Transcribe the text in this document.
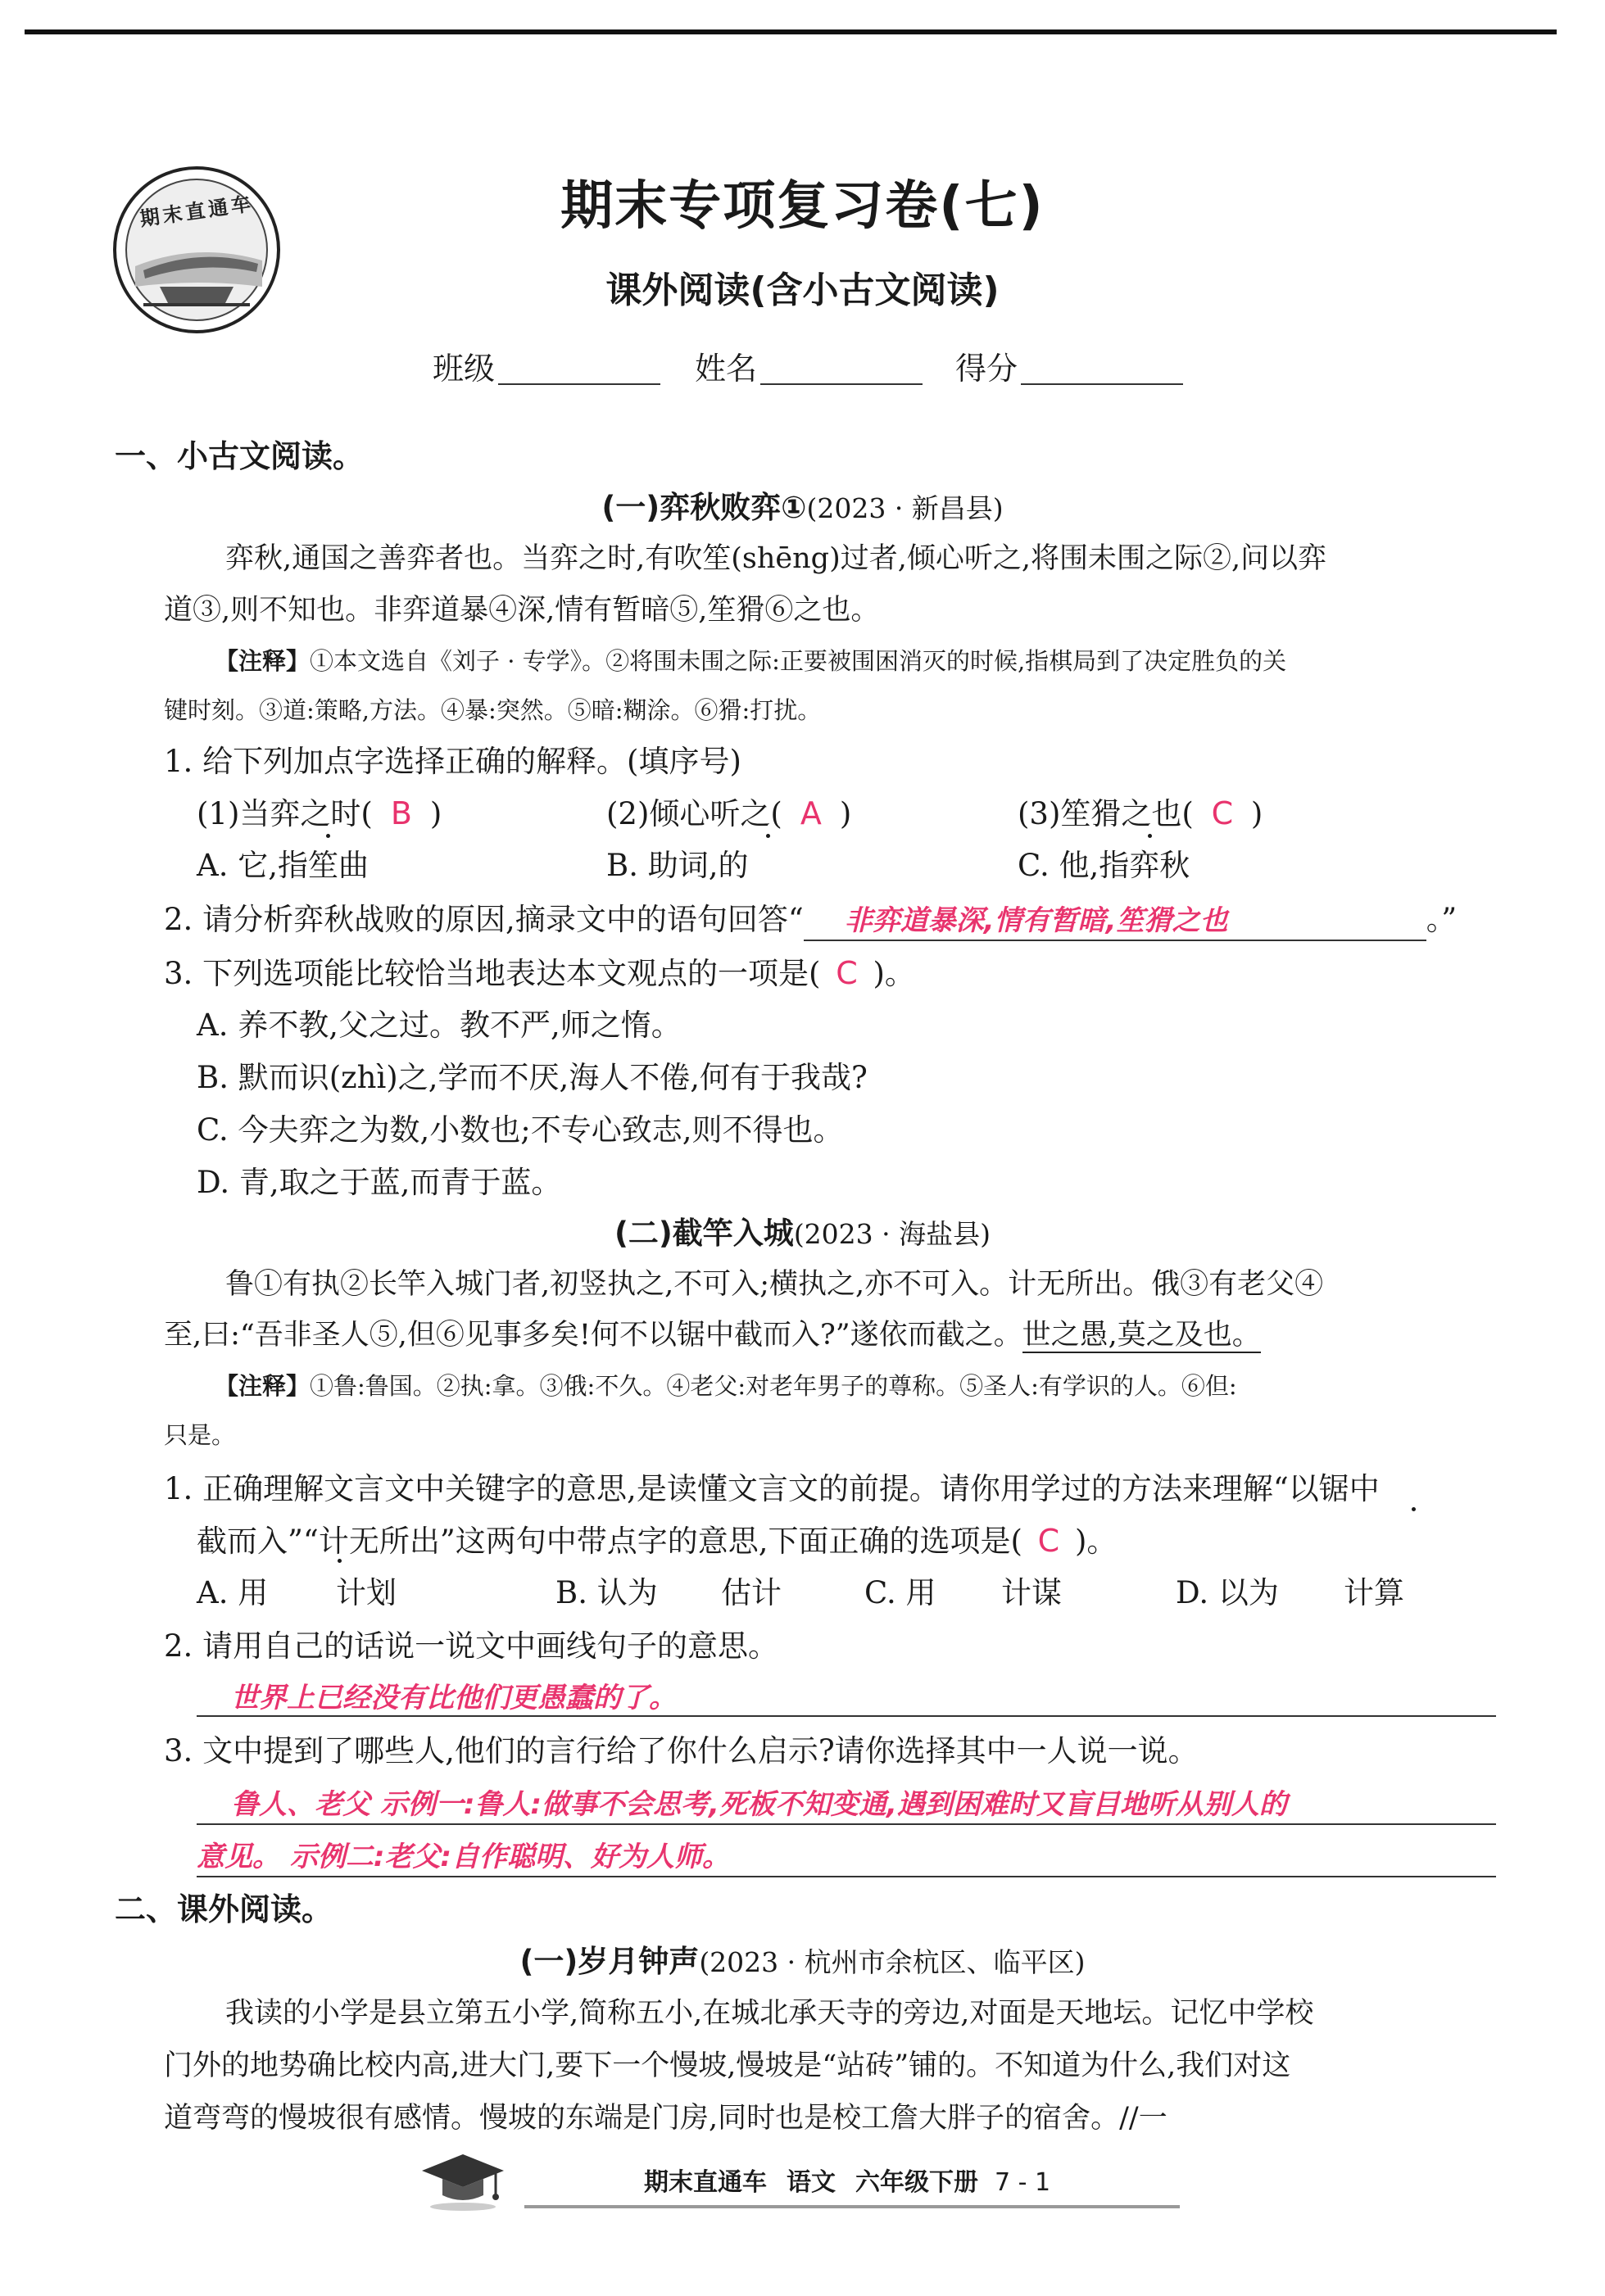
期末直通车	期末专项复习卷(七)
课外阅读(含小古文阅读)
班级	姓名	得分
一、小古文阅读。
(一)弈秋败弈①(2023 · 新昌县)
弈秋,通国之善弈者也。当弈之时,有吹笙(shēng)过者,倾心听之,将围未围之际②,问以弈
道③,则不知也。非弈道暴④深,情有暂暗⑤,笙猾⑥之也。
【注释】①本文选自《刘子 · 专学》。②将围未围之际:正要被围困消灭的时候,指棋局到了决定胜负的关
键时刻。③道:策略,方法。④暴:突然。⑤暗:糊涂。⑥猾:打扰。
1. 给下列加点字选择正确的解释。(填序号)
(1)当弈之时( B )	(2)倾心听之( A )	(3)笙猾之也( C )
A. 它,指笙曲	B. 助词,的	C. 他,指弈秋
2. 请分析弈秋战败的原因,摘录文中的语句回答“ 非弈道暴深,情有暂暗,笙猾之也	。”
3. 下列选项能比较恰当地表达本文观点的一项是( C )。
A. 养不教,父之过。教不严,师之惰。
B. 默而识(zhì)之,学而不厌,海人不倦,何有于我哉?
C. 今夫弈之为数,小数也;不专心致志,则不得也。
D. 青,取之于蓝,而青于蓝。
(二)截竿入城(2023 · 海盐县)
鲁①有执②长竿入城门者,初竖执之,不可入;横执之,亦不可入。计无所出。俄③有老父④
至,曰:“吾非圣人⑤,但⑥见事多矣!何不以锯中截而入?”遂依而截之。世之愚,莫之及也。
【注释】①鲁:鲁国。②执:拿。③俄:不久。④老父:对老年男子的尊称。⑤圣人:有学识的人。⑥但:
只是。
1. 正确理解文言文中关键字的意思,是读懂文言文的前提。请你用学过的方法来理解“以锯中
截而入”“计无所出”这两句中带点字的意思,下面正确的选项是( C )。
A. 用 计划	B. 认为 估计	C. 用 计谋	D. 以为 计算
2. 请用自己的话说一说文中画线句子的意思。
世界上已经没有比他们更愚蠢的了。
3. 文中提到了哪些人,他们的言行给了你什么启示?请你选择其中一人说一说。
鲁人、老父 示例一:鲁人:做事不会思考,死板不知变通,遇到困难时又盲目地听从别人的
意见。 示例二:老父:自作聪明、好为人师。
二、课外阅读。
(一)岁月钟声(2023 · 杭州市余杭区、临平区)
我读的小学是县立第五小学,简称五小,在城北承天寺的旁边,对面是天地坛。记忆中学校
门外的地势确比校内高,进大门,要下一个慢坡,慢坡是“站砖”铺的。不知道为什么,我们对这
道弯弯的慢坡很有感情。慢坡的东端是门房,同时也是校工詹大胖子的宿舍。//一
期末直通车 语文 六年级下册 7 - 1
